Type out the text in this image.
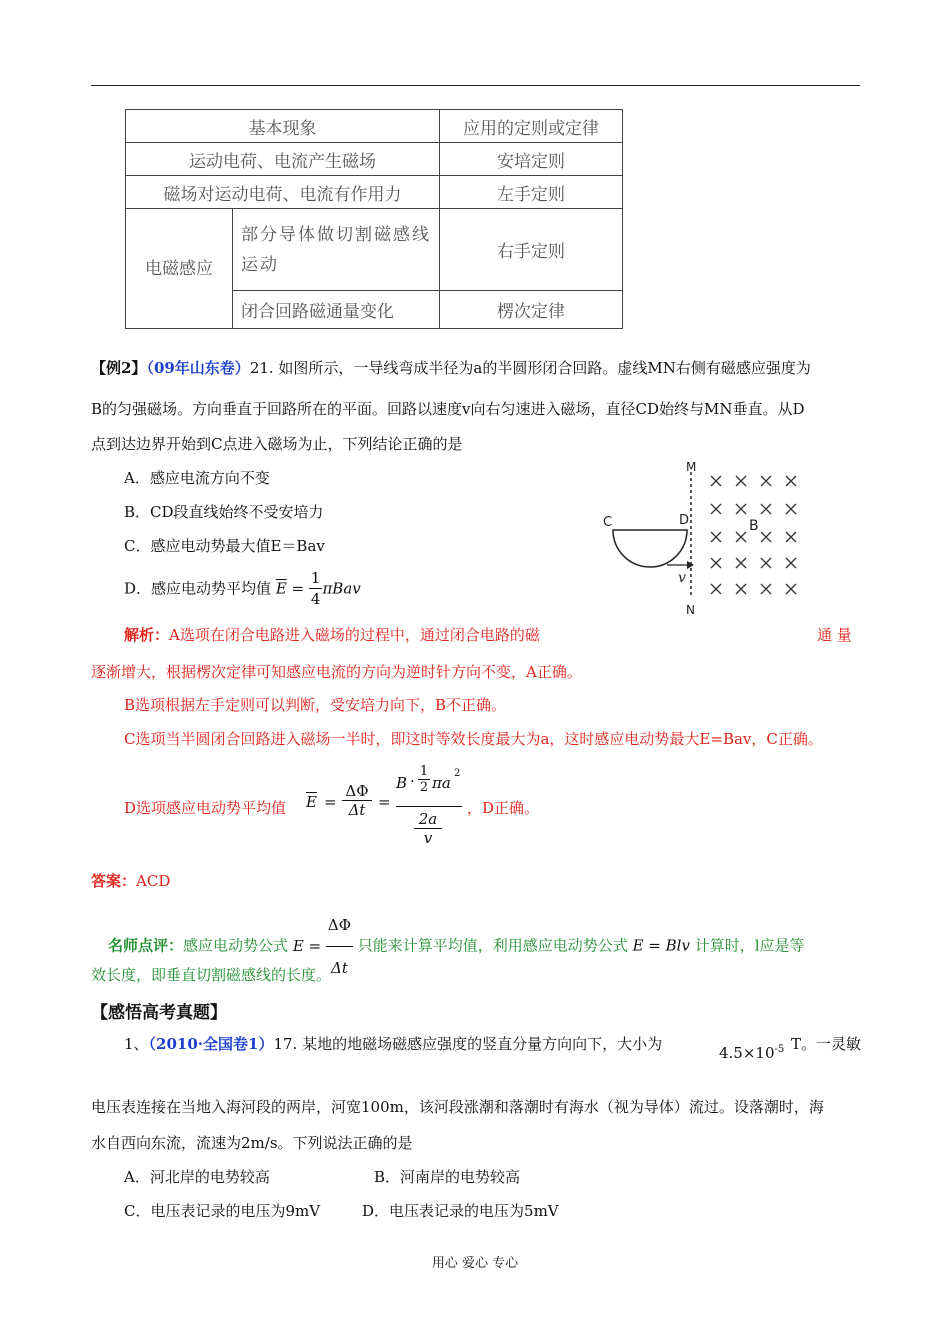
基本现象		应用的定则或定律
运动电荷、电流产生磁场		安培定则
磁场对运动电荷、电流有作用力		左手定则
电磁感应	部分导体做切割磁感线运动	右手定则
	闭合回路磁通量变化	楞次定律
【例2】（09年山东卷）21. 如图所示，一导线弯成半径为a的半圆形闭合回路。虚线MN右侧有磁感应强度为
B的匀强磁场。方向垂直于回路所在的平面。回路以速度v向右匀速进入磁场，直径CD始终与MN垂直。从D
点到达边界开始到C点进入磁场为止，下列结论正确的是
A．感应电流方向不变
B．CD段直线始终不受安培力
C．感应电动势最大值E＝Bav
D．感应电动势平均值 $\overline{E} = \frac{1}{4}$ πBav
M
N
C	D	B
v
解析：A选项在闭合电路进入磁场的过程中，通过闭合电路的磁	通 量
逐渐增大，根据楞次定律可知感应电流的方向为逆时针方向不变，A正确。
B选项根据左手定则可以判断，受安培力向下，B不正确。
C选项当半圆闭合回路进入磁场一半时，即这时等效长度最大为a，这时感应电动势最大E=Bav，C正确。
D选项感应电动势平均值 $\overline{E}$ =
ΔΦ
Δt =
B ·
1
2 πa
2
2a
v
，D正确。
答案：ACD
名师点评：感应电动势公式 $E = \frac{\Delta\Phi}{\Delta t}$ 只能来计算平均值，利用感应电动势公式 E = Blv 计算时，l应是等
效长度，即垂直切割磁感线的长度。
【感悟高考真题】
1、（2010·全国卷1）17. 某地的地磁场磁感应强度的竖直分量方向向下，大小为	$4.5\times 10^{-5}$ T。一灵敏
电压表连接在当地入海河段的两岸，河宽100m，该河段涨潮和落潮时有海水（视为导体）流过。设落潮时，海
水自西向东流，流速为2m/s。下列说法正确的是
A．河北岸的电势较高	B．河南岸的电势较高
C．电压表记录的电压为9mV	D．电压表记录的电压为5mV
用心 爱心 专心
